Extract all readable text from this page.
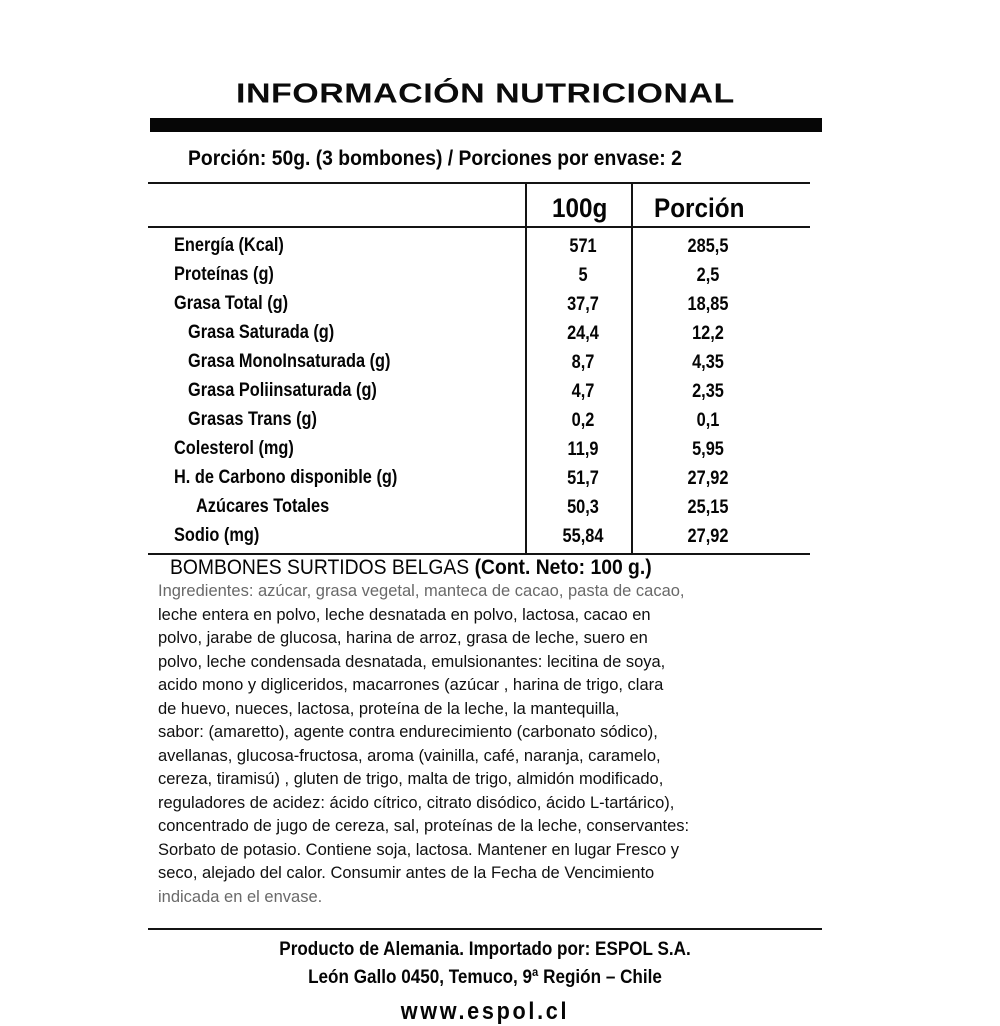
INFORMACIÓN NUTRICIONAL
Porción: 50g. (3 bombones) / Porciones por envase: 2
100g Porción
Energía (Kcal)	571	285,5
Proteínas (g)	5	2,5
Grasa Total (g)	37,7	18,85
Grasa Saturada (g)	24,4	12,2
Grasa MonoInsaturada (g)	8,7	4,35
Grasa Poliinsaturada (g)	4,7	2,35
Grasas Trans (g)	0,2	0,1
Colesterol (mg)	11,9	5,95
H. de Carbono disponible (g)	51,7	27,92
Azúcares Totales	50,3	25,15
Sodio (mg)	55,84	27,92
BOMBONES SURTIDOS BELGAS (Cont. Neto: 100 g.)
Ingredientes: azúcar, grasa vegetal, manteca de cacao, pasta de cacao,
leche entera en polvo, leche desnatada en polvo, lactosa, cacao en
polvo, jarabe de glucosa, harina de arroz, grasa de leche, suero en
polvo, leche condensada desnatada, emulsionantes: lecitina de soya,
acido mono y digliceridos, macarrones (azúcar , harina de trigo, clara
de huevo, nueces, lactosa, proteína de la leche, la mantequilla,
sabor: (amaretto), agente contra endurecimiento (carbonato sódico),
avellanas, glucosa-fructosa, aroma (vainilla, café, naranja, caramelo,
cereza, tiramisú) , gluten de trigo, malta de trigo, almidón modificado,
reguladores de acidez: ácido cítrico, citrato disódico, ácido L-tartárico),
concentrado de jugo de cereza, sal, proteínas de la leche, conservantes:
Sorbato de potasio. Contiene soja, lactosa. Mantener en lugar Fresco y
seco, alejado del calor. Consumir antes de la Fecha de Vencimiento
indicada en el envase.
Producto de Alemania. Importado por: ESPOL S.A.
León Gallo 0450, Temuco, 9ª Región – Chile
www.espol.cl
